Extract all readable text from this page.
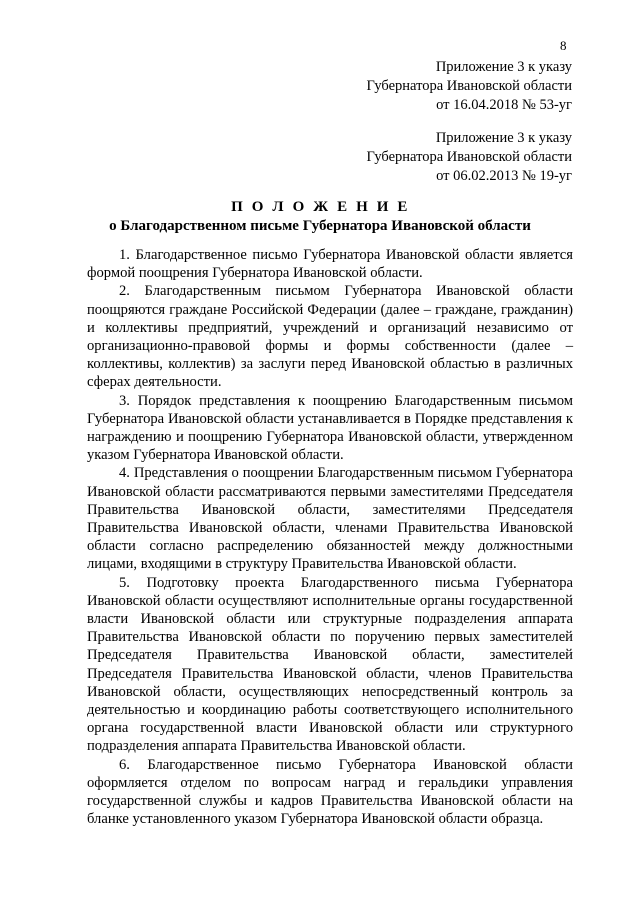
8
Приложение 3 к указу
Губернатора Ивановской области
от 16.04.2018 № 53-уг
Приложение 3 к указу
Губернатора Ивановской области
от 06.02.2013 № 19-уг
П О Л О Ж Е Н И Е
о Благодарственном письме Губернатора Ивановской области

1. Благодарственное письмо Губернатора Ивановской области является формой поощрения Губернатора Ивановской области.

2. Благодарственным письмом Губернатора Ивановской области поощряются граждане Российской Федерации (далее – граждане, гражданин) и коллективы предприятий, учреждений и организаций независимо от организационно-правовой формы и формы собственности (далее – коллективы, коллектив) за заслуги перед Ивановской областью в различных сферах деятельности.

3. Порядок представления к поощрению Благодарственным письмом Губернатора Ивановской области устанавливается в Порядке представления к награждению и поощрению Губернатора Ивановской области, утвержденном указом Губернатора Ивановской области.

4. Представления о поощрении Благодарственным письмом Губернатора Ивановской области рассматриваются первыми заместителями Председателя Правительства Ивановской области, заместителями Председателя Правительства Ивановской области, членами Правительства Ивановской области согласно распределению обязанностей между должностными лицами, входящими в структуру Правительства Ивановской области.

5. Подготовку проекта Благодарственного письма Губернатора Ивановской области осуществляют исполнительные органы государственной власти Ивановской области или структурные подразделения аппарата Правительства Ивановской области по поручению первых заместителей Председателя Правительства Ивановской области, заместителей Председателя Правительства Ивановской области, членов Правительства Ивановской области, осуществляющих непосредственный контроль за деятельностью и координацию работы соответствующего исполнительного органа государственной власти Ивановской области или структурного подразделения аппарата Правительства Ивановской области.

6. Благодарственное письмо Губернатора Ивановской области оформляется отделом по вопросам наград и геральдики управления государственной службы и кадров Правительства Ивановской области на бланке установленного указом Губернатора Ивановской области образца.
